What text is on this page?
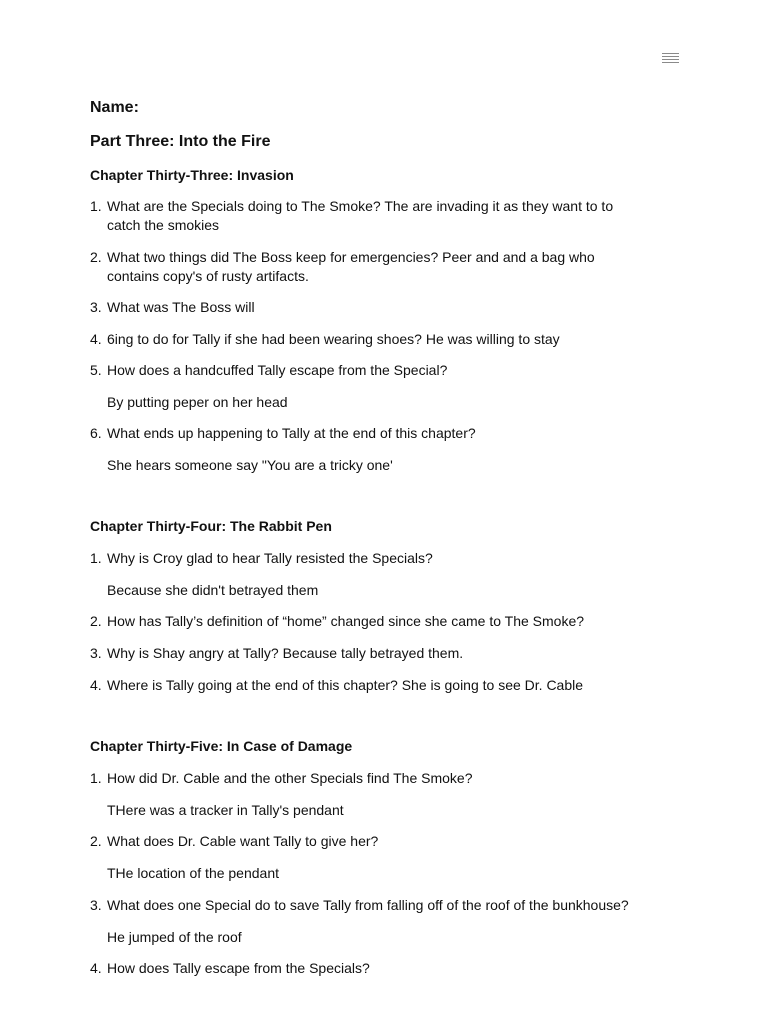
Name:
Part Three: Into the Fire
Chapter Thirty-Three: Invasion
1. What are the Specials doing to The Smoke? The are invading it as they want to to
catch the smokies
2. What two things did The Boss keep for emergencies? Peer and and a bag who
contains copy's of rusty artifacts.
3. What was The Boss will
4. 6ing to do for Tally if she had been wearing shoes? He was willing to stay
5. How does a handcuffed Tally escape from the Special?
By putting peper on her head
6. What ends up happening to Tally at the end of this chapter?
She hears someone say "You are a tricky one'
Chapter Thirty-Four: The Rabbit Pen
1. Why is Croy glad to hear Tally resisted the Specials?
Because she didn't betrayed them
2. How has Tally’s definition of “home” changed since she came to The Smoke?
3. Why is Shay angry at Tally? Because tally betrayed them.
4. Where is Tally going at the end of this chapter? She is going to see Dr. Cable
Chapter Thirty-Five: In Case of Damage
1. How did Dr. Cable and the other Specials find The Smoke?
THere was a tracker in Tally's pendant
2. What does Dr. Cable want Tally to give her?
THe location of the pendant
3. What does one Special do to save Tally from falling off of the roof of the bunkhouse?
He jumped of the roof
4. How does Tally escape from the Specials?
